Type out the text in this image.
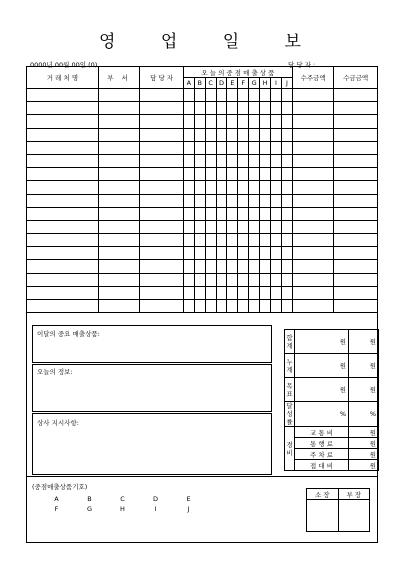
영 업 일 보
0000년 00월 00일 (0)	담 당 자 :
거 래 처 명	부 서	담 당 자	오 늘 의 중 점 매 출 상 품										수주금액	수금금액
			A	B	C	D	E	F	G	H	I	J		

이달의 중요 매출상품:
오늘의 정보:
상사 지시사항:
합계	원	원
누계	원	원
목표	원	원
달성률	%	%
경비	교 통 비	원
	통 행 료	원
	주 차 료	원
	접 대 비	원
(중점매출상품기호)
A	B	C	D	E
F	G	H	I	J
소 장	부 장
